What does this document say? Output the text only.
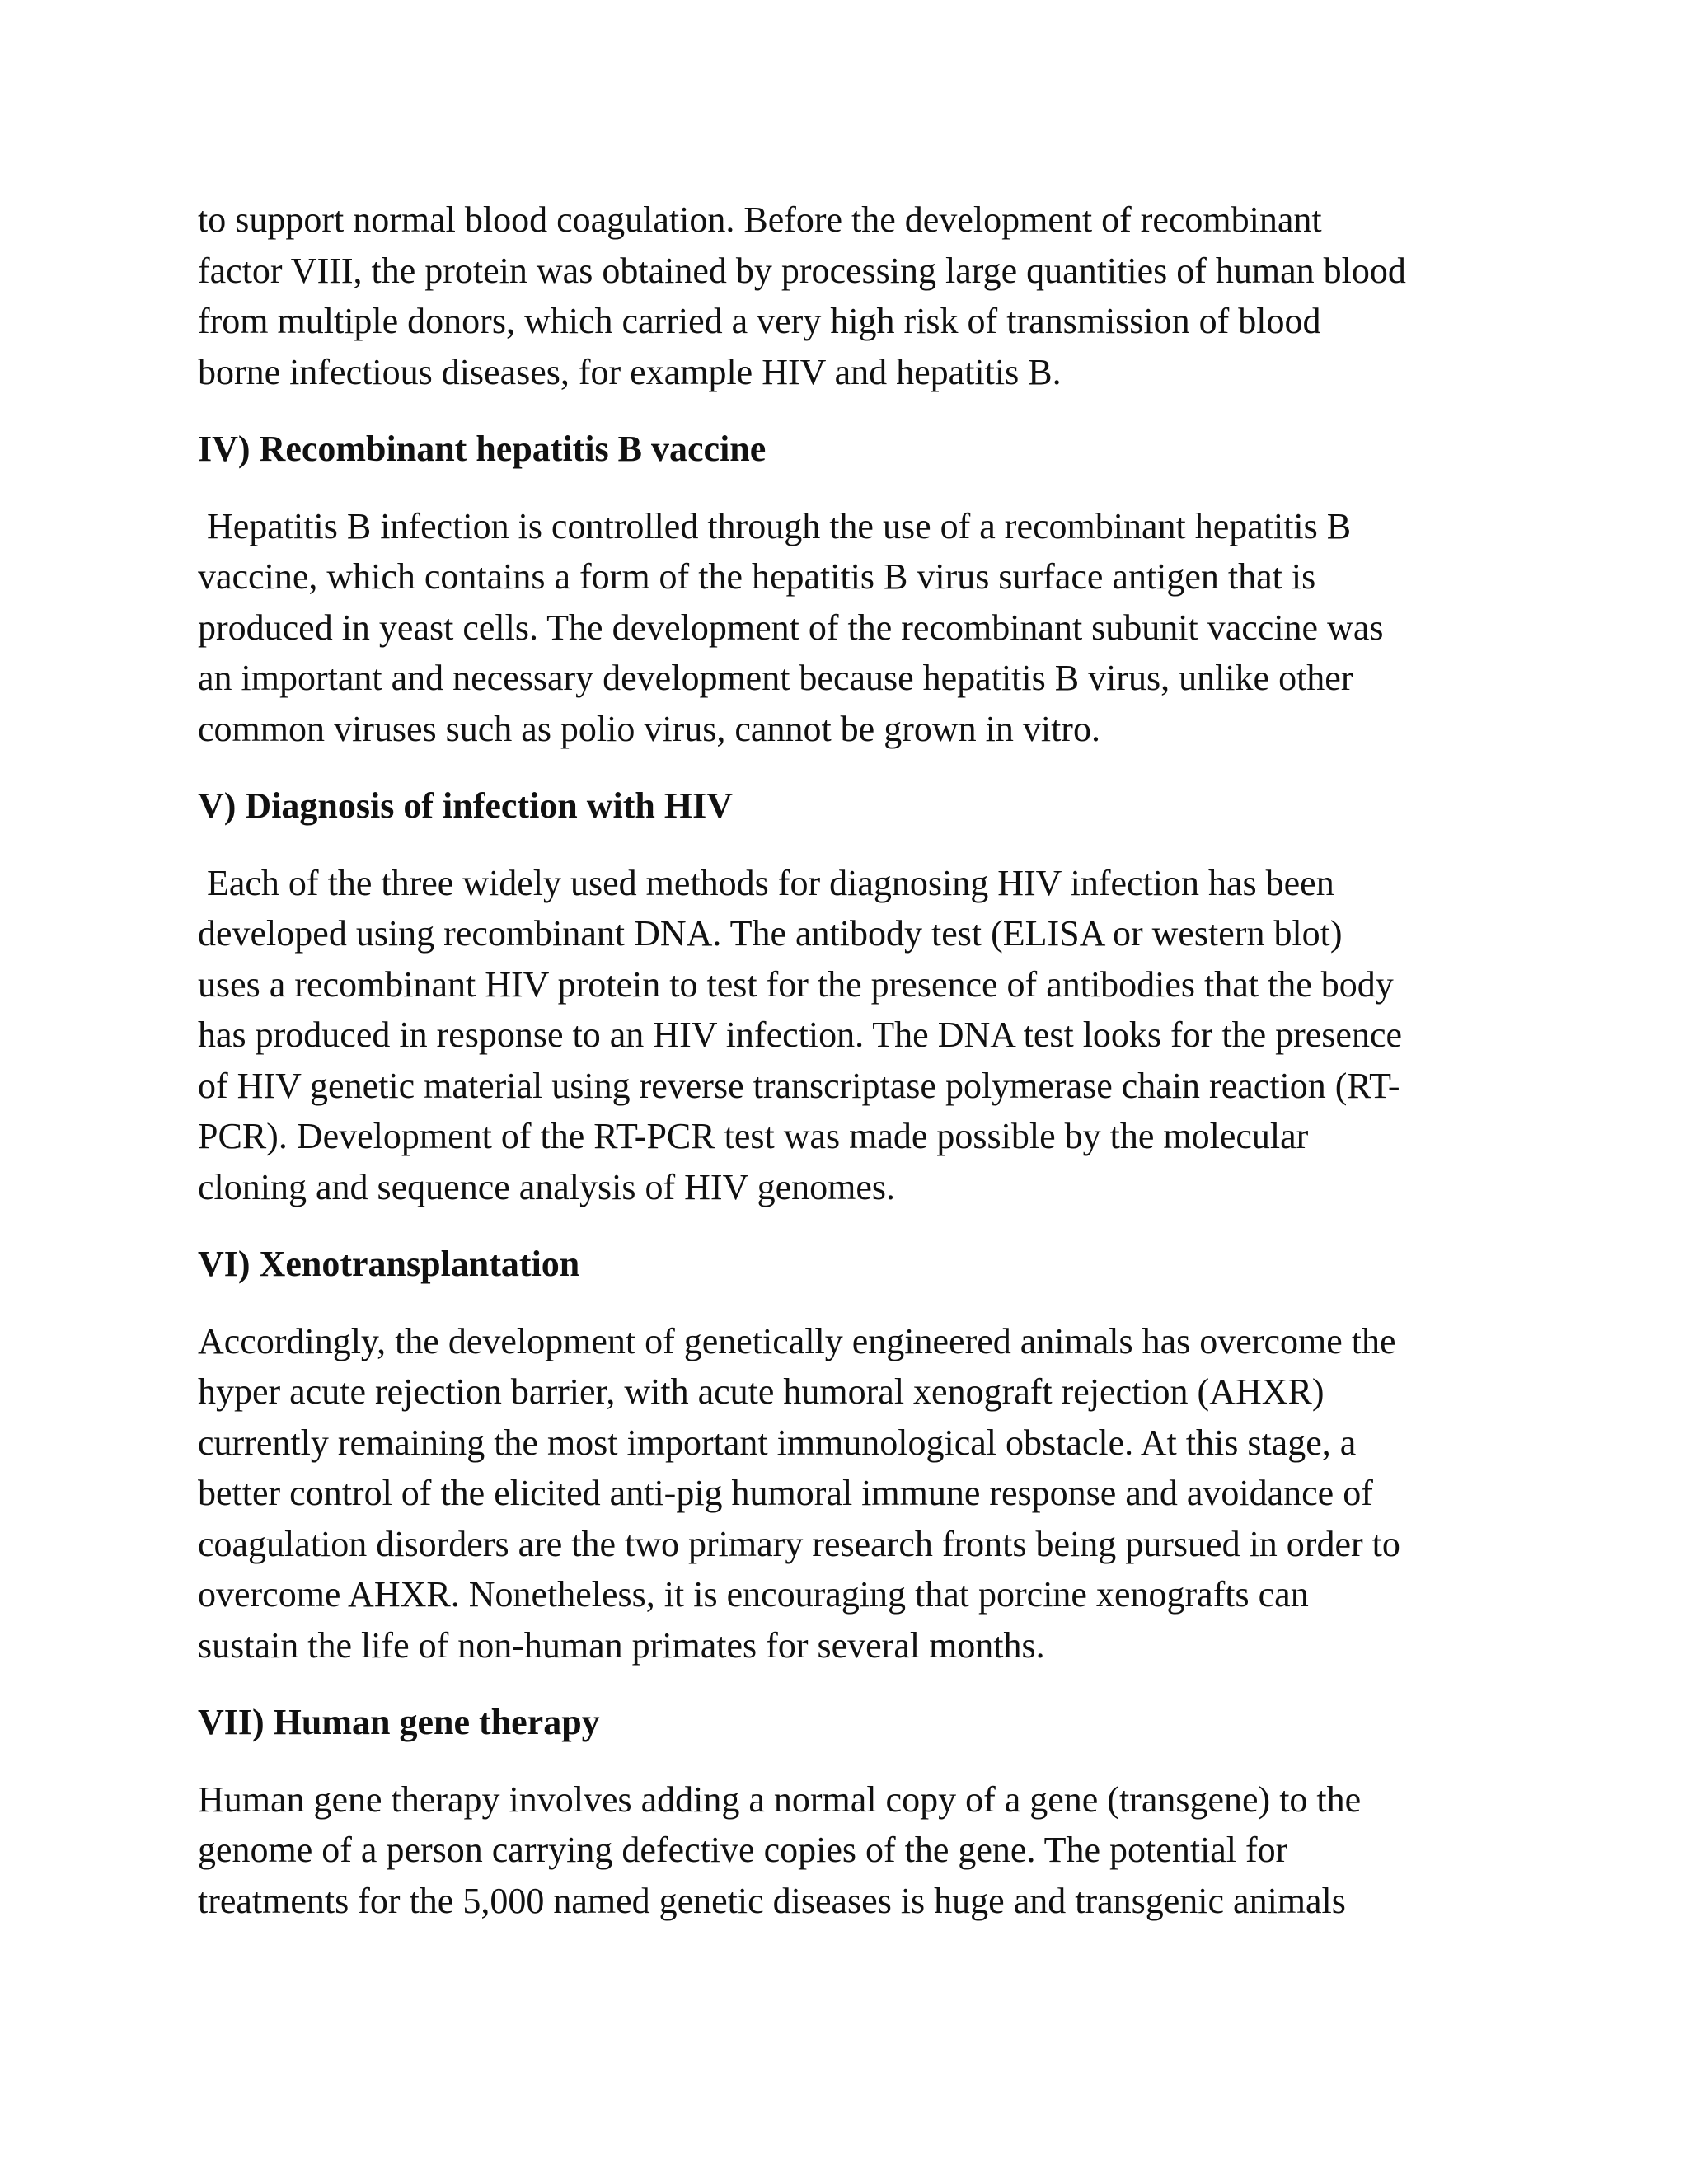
to support normal blood coagulation. Before the development of recombinant
factor VIII, the protein was obtained by processing large quantities of human blood
from multiple donors, which carried a very high risk of transmission of blood
borne infectious diseases, for example HIV and hepatitis B.

IV) Recombinant hepatitis B vaccine

Hepatitis B infection is controlled through the use of a recombinant hepatitis B
vaccine, which contains a form of the hepatitis B virus surface antigen that is
produced in yeast cells. The development of the recombinant subunit vaccine was
an important and necessary development because hepatitis B virus, unlike other
common viruses such as polio virus, cannot be grown in vitro.

V) Diagnosis of infection with HIV

Each of the three widely used methods for diagnosing HIV infection has been
developed using recombinant DNA. The antibody test (ELISA or western blot)
uses a recombinant HIV protein to test for the presence of antibodies that the body
has produced in response to an HIV infection. The DNA test looks for the presence
of HIV genetic material using reverse transcriptase polymerase chain reaction (RT-
PCR). Development of the RT-PCR test was made possible by the molecular
cloning and sequence analysis of HIV genomes.

VI) Xenotransplantation

Accordingly, the development of genetically engineered animals has overcome the
hyper acute rejection barrier, with acute humoral xenograft rejection (AHXR)
currently remaining the most important immunological obstacle. At this stage, a
better control of the elicited anti-pig humoral immune response and avoidance of
coagulation disorders are the two primary research fronts being pursued in order to
overcome AHXR. Nonetheless, it is encouraging that porcine xenografts can
sustain the life of non-human primates for several months.

VII) Human gene therapy

Human gene therapy involves adding a normal copy of a gene (transgene) to the
genome of a person carrying defective copies of the gene. The potential for
treatments for the 5,000 named genetic diseases is huge and transgenic animals
